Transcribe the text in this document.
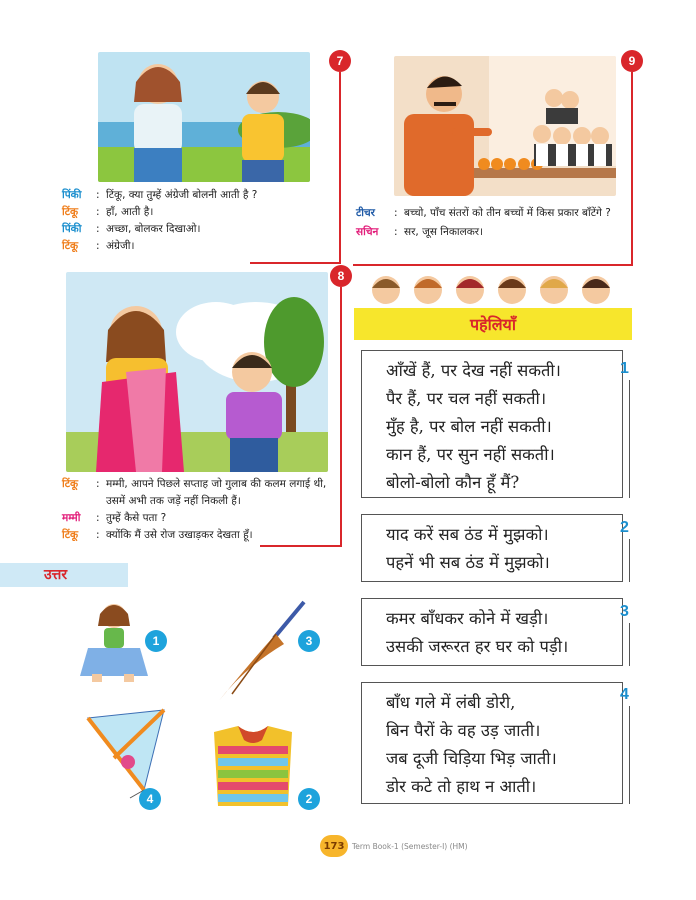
7
पिंकी	: टिंकू, क्या तुम्हें अंग्रेजी बोलनी आती है ?
टिंकू	: हाँ, आती है।
पिंकी	: अच्छा, बोलकर दिखाओ।
टिंकू	: अंग्रेजी।
9
टीचर	: बच्चो, पाँच संतरों को तीन बच्चों में किस प्रकार बाँटेंगे ?
सचिन	: सर, जूस निकालकर।
8
टिंकू	: मम्मी, आपने पिछले सप्ताह जो गुलाब की कलम लगाई थी, उसमें अभी तक जड़ें नहीं निकली हैं।
मम्मी	: तुम्हें कैसे पता ?
टिंकू	: क्योंकि मैं उसे रोज उखाड़कर देखता हूँ।
पहेलियाँ
आँखें हैं, पर देख नहीं सकती।
पैर हैं, पर चल नहीं सकती।
मुँह है, पर बोल नहीं सकती।
कान हैं, पर सुन नहीं सकती।
बोलो-बोलो कौन हूँ मैं?
1
याद करें सब ठंड में मुझको।
पहनें भी सब ठंड में मुझको।
2
कमर बाँधकर कोने में खड़ी।
उसकी जरूरत हर घर को पड़ी।
3
बाँध गले में लंबी डोरी,
बिन पैरों के वह उड़ जाती।
जब दूजी चिड़िया भिड़ जाती।
डोर कटे तो हाथ न आती।
4
उत्तर
1	3
4	2
173	Term Book-1 (Semester-I) (HM)
